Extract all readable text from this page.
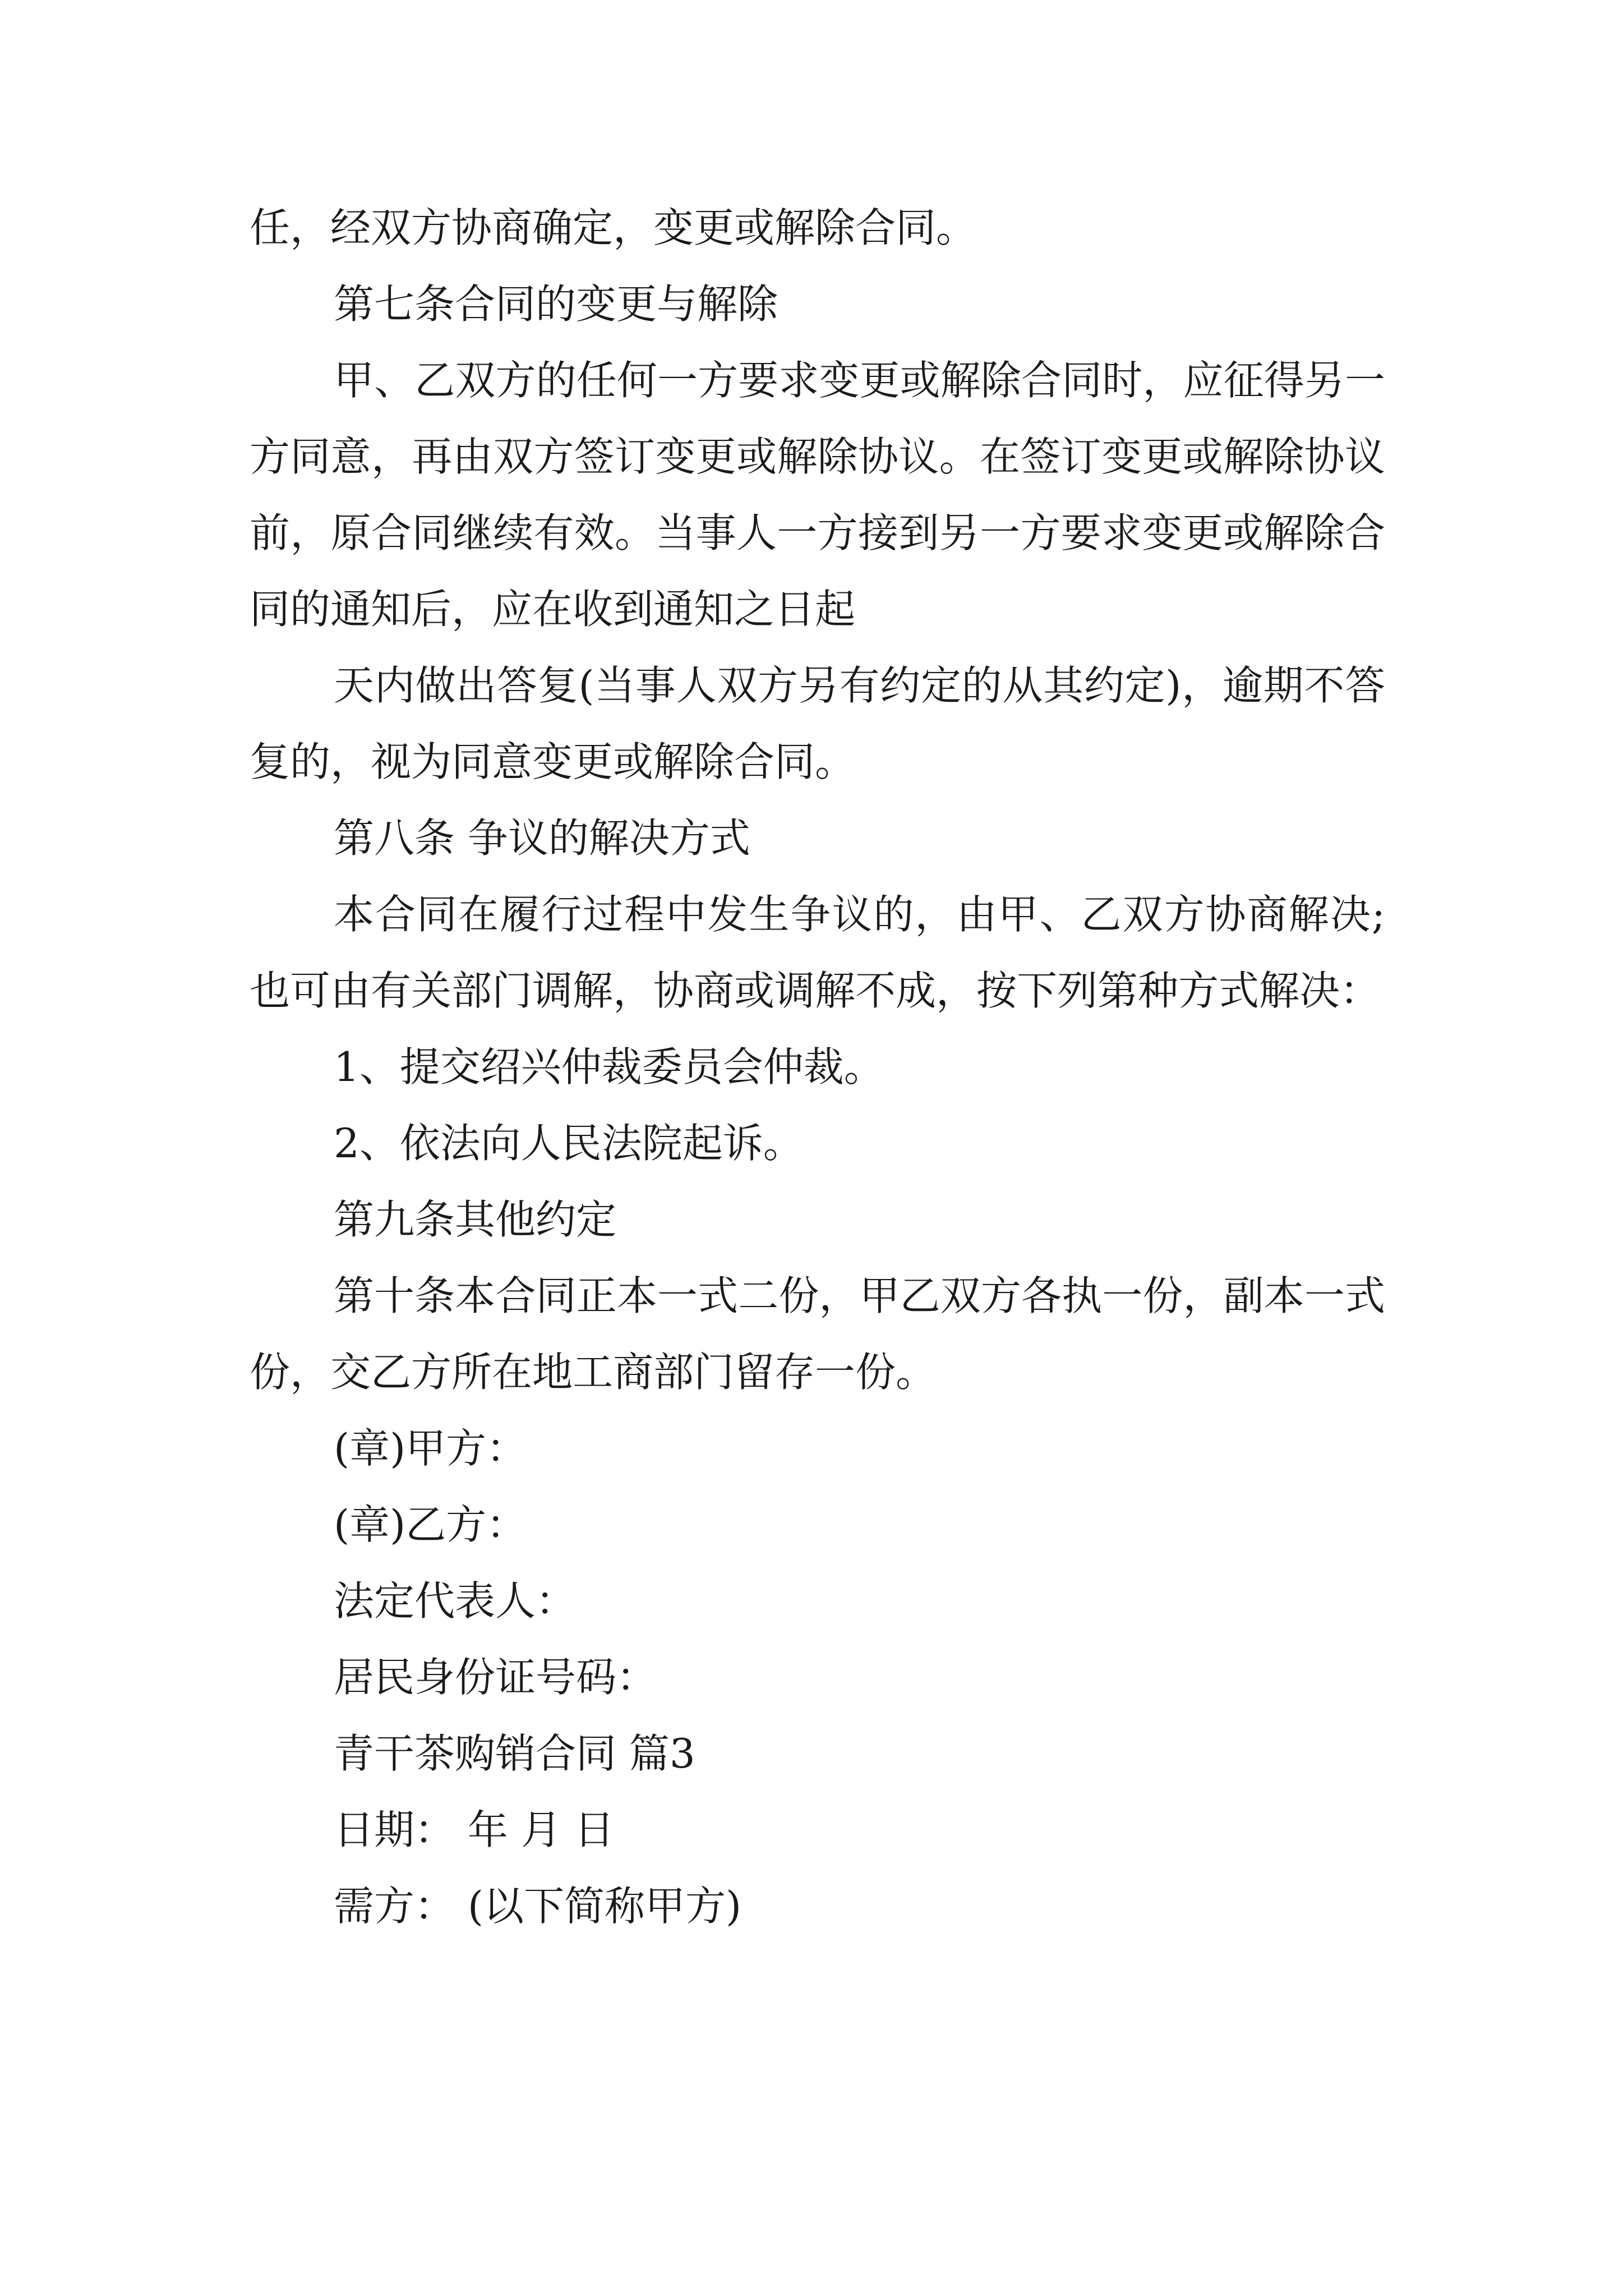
任，经双方协商确定，变更或解除合同。

第七条合同的变更与解除

甲、乙双方的任何一方要求变更或解除合同时，应征得另一方同意，再由双方签订变更或解除协议。在签订变更或解除协议前，原合同继续有效。当事人一方接到另一方要求变更或解除合同的通知后，应在收到通知之日起

天内做出答复(当事人双方另有约定的从其约定)，逾期不答复的，视为同意变更或解除合同。

第八条 争议的解决方式

本合同在履行过程中发生争议的，由甲、乙双方协商解决;也可由有关部门调解，协商或调解不成，按下列第种方式解决：

1、提交绍兴仲裁委员会仲裁。

2、依法向人民法院起诉。

第九条其他约定

第十条本合同正本一式二份，甲乙双方各执一份，副本一式 份，交乙方所在地工商部门留存一份。

(章)甲方：

(章)乙方：

法定代表人：

居民身份证号码：

青干茶购销合同 篇3

日期： 年 月 日

需方： (以下简称甲方)
